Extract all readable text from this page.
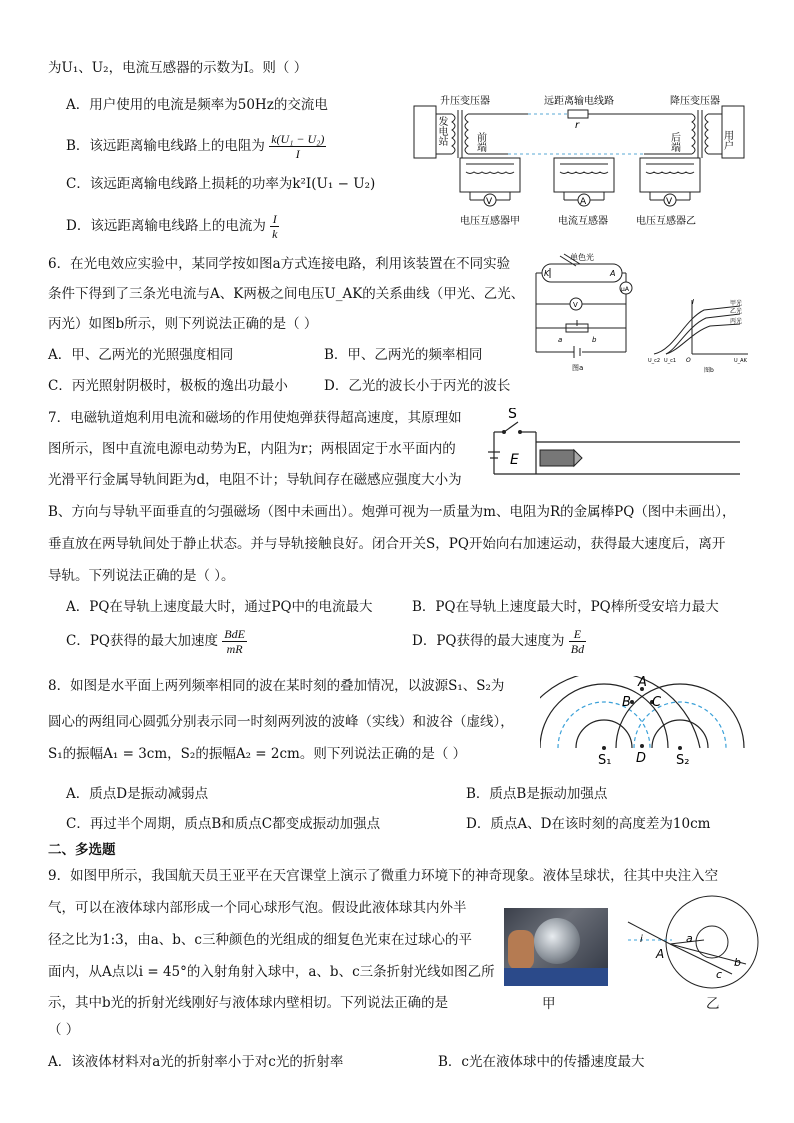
为U₁、U₂，电流互感器的示数为I。则（ ）
A．用户使用的电流是频率为50Hz的交流电
B．该远距离输电线路上的电阻为 $\frac{\text{k(U₁ − U₂)}}{I}$
C．该远距离输电线路上损耗的功率为k²I(U₁ − U₂)
D．该远距离输电线路上的电流为 $\frac{I}{k}$
发电站
升压变压器	远距离输电线路
r
降压变压器
用户
前端	后端
V	A	V
电压互感器甲	电流互感器	电压互感器乙
6．在光电效应实验中，某同学按如图a方式连接电路，利用该装置在不同实验
条件下得到了三条光电流与A、K两极之间电压U_AK的关系曲线（甲光、乙光、
丙光）如图b所示，则下列说法正确的是（ ）
A．甲、乙两光的光照强度相同	B．甲、乙两光的频率相同
C．丙光照射阴极时，极板的逸出功最小	D．乙光的波长小于丙光的波长
单色光
K	A
V
μA
a	b
图a
I	甲光
乙光
丙光
U_c2 U_c1 O	U_AK
图b
7．电磁轨道炮利用电流和磁场的作用使炮弹获得超高速度，其原理如
图所示，图中直流电源电动势为E，内阻为r；两根固定于水平面内的
光滑平行金属导轨间距为d，电阻不计；导轨间存在磁感应强度大小为
B、方向与导轨平面垂直的匀强磁场（图中未画出）。炮弹可视为一质量为m、电阻为R的金属棒PQ（图中未画出），
垂直放在两导轨间处于静止状态。并与导轨接触良好。闭合开关S，PQ开始向右加速运动，获得最大速度后，离开
导轨。下列说法正确的是（ ）。
A．PQ在导轨上速度最大时，通过PQ中的电流最大	B．PQ在导轨上速度最大时，PQ棒所受安培力最大
C．PQ获得的最大加速度 $\frac{\text{BdE}}{mR}$	D．PQ获得的最大速度为 $\frac{E}{Bd}$
S
E
8．如图是水平面上两列频率相同的波在某时刻的叠加情况，以波源S₁、S₂为
圆心的两组同心圆弧分别表示同一时刻两列波的波峰（实线）和波谷（虚线），
S₁的振幅A₁ = 3cm，S₂的振幅A₂ = 2cm。则下列说法正确的是（ ）
A．质点D是振动减弱点	B．质点B是振动加强点
C．再过半个周期，质点B和质点C都变成振动加强点	D．质点A、D在该时刻的高度差为10cm
A
B C
D
S₁	S₂
二、多选题
9．如图甲所示，我国航天员王亚平在天宫课堂上演示了微重力环境下的神奇现象。液体呈球状，往其中央注入空
气，可以在液体球内部形成一个同心球形气泡。假设此液体球其内外半
径之比为1:3，由a、b、c三种颜色的光组成的细复色光束在过球心的平
面内，从A点以i = 45°的入射角射入球中，a、b、c三条折射光线如图乙所
示，其中b光的折射光线刚好与液体球内壁相切。下列说法正确的是
（ ）
A．该液体材料对a光的折射率小于对c光的折射率	B．c光在液体球中的传播速度最大
甲
i
A
a
b
c
乙
